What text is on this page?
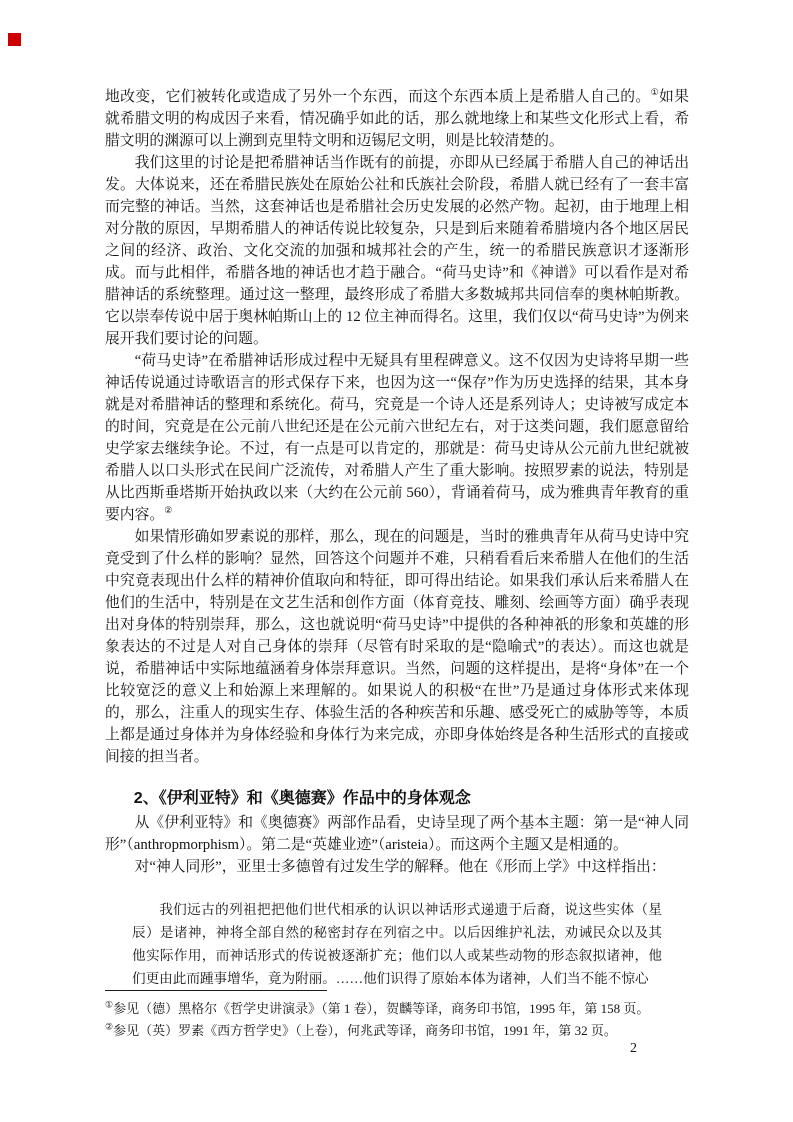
地改变，它们被转化或造成了另外一个东西，而这个东西本质上是希腊人自己的。①如果就希腊文明的构成因子来看，情况确乎如此的话，那么就地缘上和某些文化形式上看，希腊文明的渊源可以上溯到克里特文明和迈锡尼文明，则是比较清楚的。

我们这里的讨论是把希腊神话当作既有的前提，亦即从已经属于希腊人自己的神话出发。大体说来，还在希腊民族处在原始公社和氏族社会阶段，希腊人就已经有了一套丰富而完整的神话。当然，这套神话也是希腊社会历史发展的必然产物。起初，由于地理上相对分散的原因，早期希腊人的神话传说比较复杂，只是到后来随着希腊境内各个地区居民之间的经济、政治、文化交流的加强和城邦社会的产生，统一的希腊民族意识才逐渐形成。而与此相伴，希腊各地的神话也才趋于融合。“荷马史诗”和《神谱》可以看作是对希腊神话的系统整理。通过这一整理，最终形成了希腊大多数城邦共同信奉的奥林帕斯教。它以崇奉传说中居于奥林帕斯山上的 12 位主神而得名。这里，我们仅以“荷马史诗”为例来展开我们要讨论的问题。

“荷马史诗”在希腊神话形成过程中无疑具有里程碑意义。这不仅因为史诗将早期一些神话传说通过诗歌语言的形式保存下来，也因为这一“保存”作为历史选择的结果，其本身就是对希腊神话的整理和系统化。荷马，究竟是一个诗人还是系列诗人；史诗被写成定本的时间，究竟是在公元前八世纪还是在公元前六世纪左右，对于这类问题，我们愿意留给史学家去继续争论。不过，有一点是可以肯定的，那就是：荷马史诗从公元前九世纪就被希腊人以口头形式在民间广泛流传，对希腊人产生了重大影响。按照罗素的说法，特别是从比西斯垂塔斯开始执政以来（大约在公元前 560），背诵着荷马，成为雅典青年教育的重要内容。②

如果情形确如罗素说的那样，那么，现在的问题是，当时的雅典青年从荷马史诗中究竟受到了什么样的影响？显然，回答这个问题并不难，只稍看看后来希腊人在他们的生活中究竟表现出什么样的精神价值取向和特征，即可得出结论。如果我们承认后来希腊人在他们的生活中，特别是在文艺生活和创作方面（体育竞技、雕刻、绘画等方面）确乎表现出对身体的特别崇拜，那么，这也就说明“荷马史诗”中提供的各种神祇的形象和英雄的形象表达的不过是人对自己身体的崇拜（尽管有时采取的是“隐喻式”的表达）。而这也就是说，希腊神话中实际地蕴涵着身体崇拜意识。当然，问题的这样提出，是将“身体”在一个比较宽泛的意义上和始源上来理解的。如果说人的积极“在世”乃是通过身体形式来体现的，那么，注重人的现实生存、体验生活的各种疾苦和乐趣、感受死亡的威胁等等，本质上都是通过身体并为身体经验和身体行为来完成，亦即身体始终是各种生活形式的直接或间接的担当者。

2、《伊利亚特》和《奥德赛》作品中的身体观念

从《伊利亚特》和《奥德赛》两部作品看，史诗呈现了两个基本主题：第一是“神人同形”（anthropmorphism）。第二是“英雄业迹”（aristeia）。而这两个主题又是相通的。

对“神人同形”，亚里士多德曾有过发生学的解释。他在《形而上学》中这样指出：

我们远古的列祖把把他们世代相承的认识以神话形式递遗于后裔，说这些实体（星辰）是诸神，神将全部自然的秘密封存在列宿之中。以后因维护礼法，劝诫民众以及其他实际作用，而神话形式的传说被逐渐扩充；他们以人或某些动物的形态叙拟诸神，他们更由此而踵事增华，竟为附丽。……他们识得了原始本体为诸神，人们当不能不惊心

①参见（德）黑格尔《哲学史讲演录》（第 1 卷），贺麟等译，商务印书馆，1995 年，第 158 页。
②参见（英）罗素《西方哲学史》（上卷），何兆武等译，商务印书馆，1991 年，第 32 页。
2
